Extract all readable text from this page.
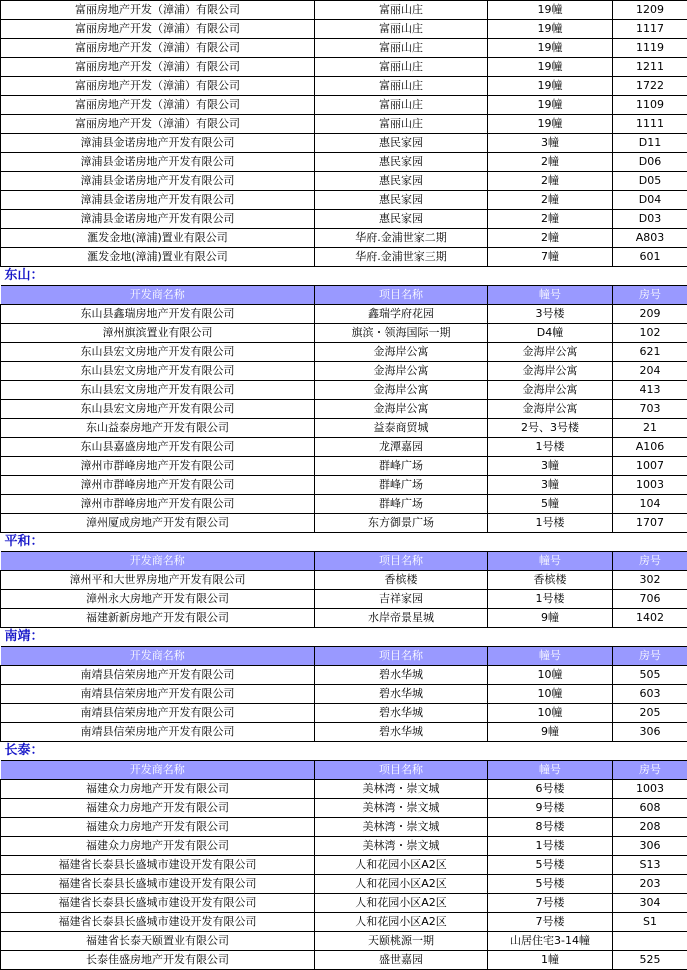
富丽房地产开发（漳浦）有限公司	富丽山庄	19幢	1209
富丽房地产开发（漳浦）有限公司	富丽山庄	19幢	1117
富丽房地产开发（漳浦）有限公司	富丽山庄	19幢	1119
富丽房地产开发（漳浦）有限公司	富丽山庄	19幢	1211
富丽房地产开发（漳浦）有限公司	富丽山庄	19幢	1722
富丽房地产开发（漳浦）有限公司	富丽山庄	19幢	1109
富丽房地产开发（漳浦）有限公司	富丽山庄	19幢	1111
漳浦县金诺房地产开发有限公司	惠民家园	3幢	D11
漳浦县金诺房地产开发有限公司	惠民家园	2幢	D06
漳浦县金诺房地产开发有限公司	惠民家园	2幢	D05
漳浦县金诺房地产开发有限公司	惠民家园	2幢	D04
漳浦县金诺房地产开发有限公司	惠民家园	2幢	D03
滙发金地(漳浦)置业有限公司	华府.金浦世家二期	2幢	A803
滙发金地(漳浦)置业有限公司	华府.金浦世家三期	7幢	601
东山：			
开发商名称	项目名称	幢号	房号
东山县鑫瑞房地产开发有限公司	鑫瑞学府花园	3号楼	209
漳州旗滨置业有限公司	旗滨・领海国际一期	D4幢	102
东山县宏文房地产开发有限公司	金海岸公寓	金海岸公寓	621
东山县宏文房地产开发有限公司	金海岸公寓	金海岸公寓	204
东山县宏文房地产开发有限公司	金海岸公寓	金海岸公寓	413
东山县宏文房地产开发有限公司	金海岸公寓	金海岸公寓	703
东山益泰房地产开发有限公司	益泰商贸城	2号、3号楼	21
东山县嘉盛房地产开发有限公司	龙潭嘉园	1号楼	A106
漳州市群峰房地产开发有限公司	群峰广场	3幢	1007
漳州市群峰房地产开发有限公司	群峰广场	3幢	1003
漳州市群峰房地产开发有限公司	群峰广场	5幢	104
漳州厦成房地产开发有限公司	东方御景广场	1号楼	1707
平和：			
开发商名称	项目名称	幢号	房号
漳州平和大世界房地产开发有限公司	香槟楼	香槟楼	302
漳州永大房地产开发有限公司	吉祥家园	1号楼	706
福建新新房地产开发有限公司	水岸帝景星城	9幢	1402
南靖：			
开发商名称	项目名称	幢号	房号
南靖县信荣房地产开发有限公司	碧水华城	10幢	505
南靖县信荣房地产开发有限公司	碧水华城	10幢	603
南靖县信荣房地产开发有限公司	碧水华城	10幢	205
南靖县信荣房地产开发有限公司	碧水华城	9幢	306
长泰：			
开发商名称	项目名称	幢号	房号
福建众力房地产开发有限公司	美林湾・崇文城	6号楼	1003
福建众力房地产开发有限公司	美林湾・崇文城	9号楼	608
福建众力房地产开发有限公司	美林湾・崇文城	8号楼	208
福建众力房地产开发有限公司	美林湾・崇文城	1号楼	306
福建省长泰县长盛城市建设开发有限公司	人和花园小区A2区	5号楼	S13
福建省长泰县长盛城市建设开发有限公司	人和花园小区A2区	5号楼	203
福建省长泰县长盛城市建设开发有限公司	人和花园小区A2区	7号楼	304
福建省长泰县长盛城市建设开发有限公司	人和花园小区A2区	7号楼	S1
福建省长泰天颐置业有限公司	天颐桃源一期	山居住宅3-14幢	
长泰佳盛房地产开发有限公司	盛世嘉园	1幢	525
